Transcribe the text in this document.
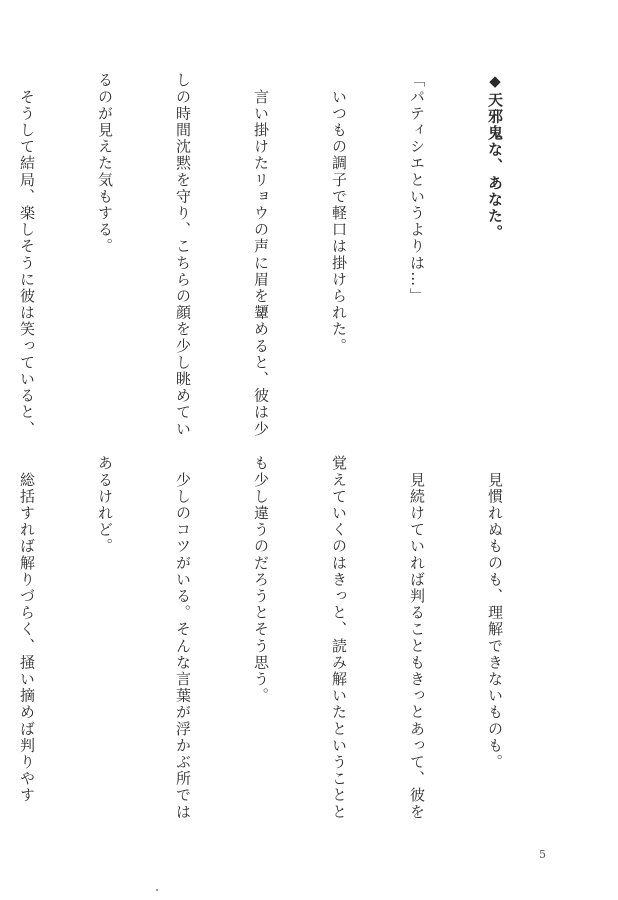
◆天邪鬼な、あなた。

「パティシエというよりは…」

　いつもの調子で軽口は掛けられた。

　言い掛けたリョウの声に眉を顰めると、彼は少

しの時間沈黙を守り、こちらの顔を少し眺めてい

るのが見えた気もする。

　そうして結局、楽しそうに彼は笑っていると、

　見慣れぬものも、理解できないものも。

　見続けていれば判ることもきっとあって、彼を

覚えていくのはきっと、読み解いたということと

も少し違うのだろうとそう思う。

　少しのコツがいる。そんな言葉が浮かぶ所では

あるけれど。

　総括すれば解りづらく、掻い摘めば判りやす

5
